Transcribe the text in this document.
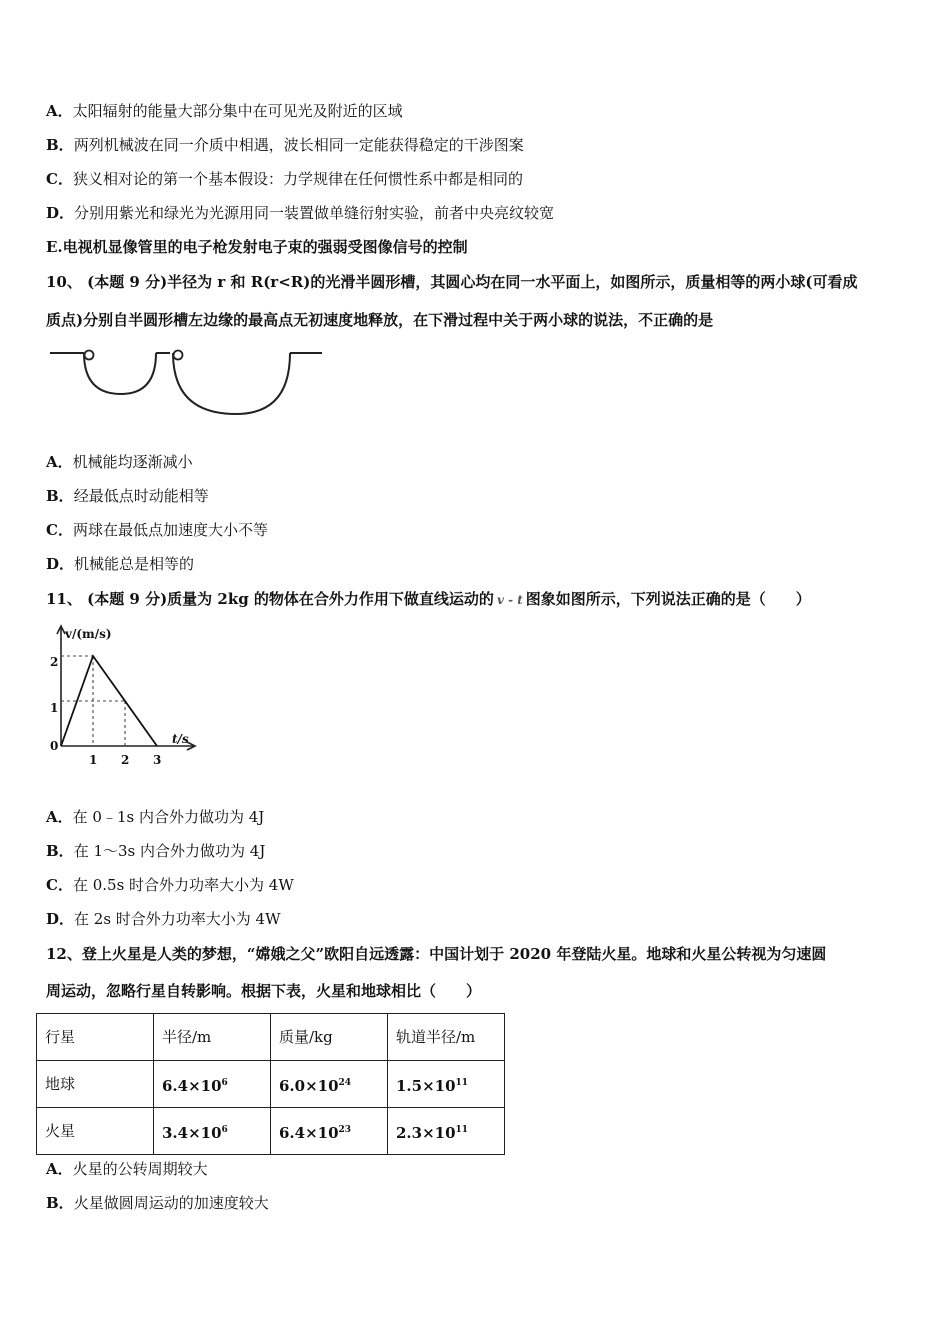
A．太阳辐射的能量大部分集中在可见光及附近的区域
B．两列机械波在同一介质中相遇，波长相同一定能获得稳定的干涉图案
C．狭义相对论的第一个基本假设：力学规律在任何惯性系中都是相同的
D．分别用紫光和绿光为光源用同一装置做单缝衍射实验，前者中央亮纹较宽
E.电视机显像管里的电子枪发射电子束的强弱受图像信号的控制
10、 (本题 9 分)半径为 r 和 R(r<R)的光滑半圆形槽，其圆心均在同一水平面上，如图所示，质量相等的两小球(可看成
质点)分别自半圆形槽左边缘的最高点无初速度地释放，在下滑过程中关于两小球的说法，不正确的是
A．机械能均逐渐减小
B．经最低点时动能相等
C．两球在最低点加速度大小不等
D．机械能总是相等的
11、 (本题 9 分)质量为 2kg 的物体在合外力作用下做直线运动的 v - t 图象如图所示，下列说法正确的是（　　）
v/(m/s)
t/s
0
2
1
1 2 3
A．在 0﹣1s 内合外力做功为 4J
B．在 1～3s 内合外力做功为 4J
C．在 0.5s 时合外力功率大小为 4W
D．在 2s 时合外力功率大小为 4W
12、登上火星是人类的梦想，“嫦娥之父”欧阳自远透露：中国计划于 2020 年登陆火星。地球和火星公转视为匀速圆
周运动，忽略行星自转影响。根据下表，火星和地球相比（　　）
行星	半径/m	质量/kg	轨道半径/m
地球	$6.4\times 10^6$	$6.0\times 10^{24}$	$1.5\times 10^{11}$
火星	$3.4\times 10^6$	$6.4\times 10^{23}$	$2.3\times 10^{11}$
A．火星的公转周期较大
B．火星做圆周运动的加速度较大
